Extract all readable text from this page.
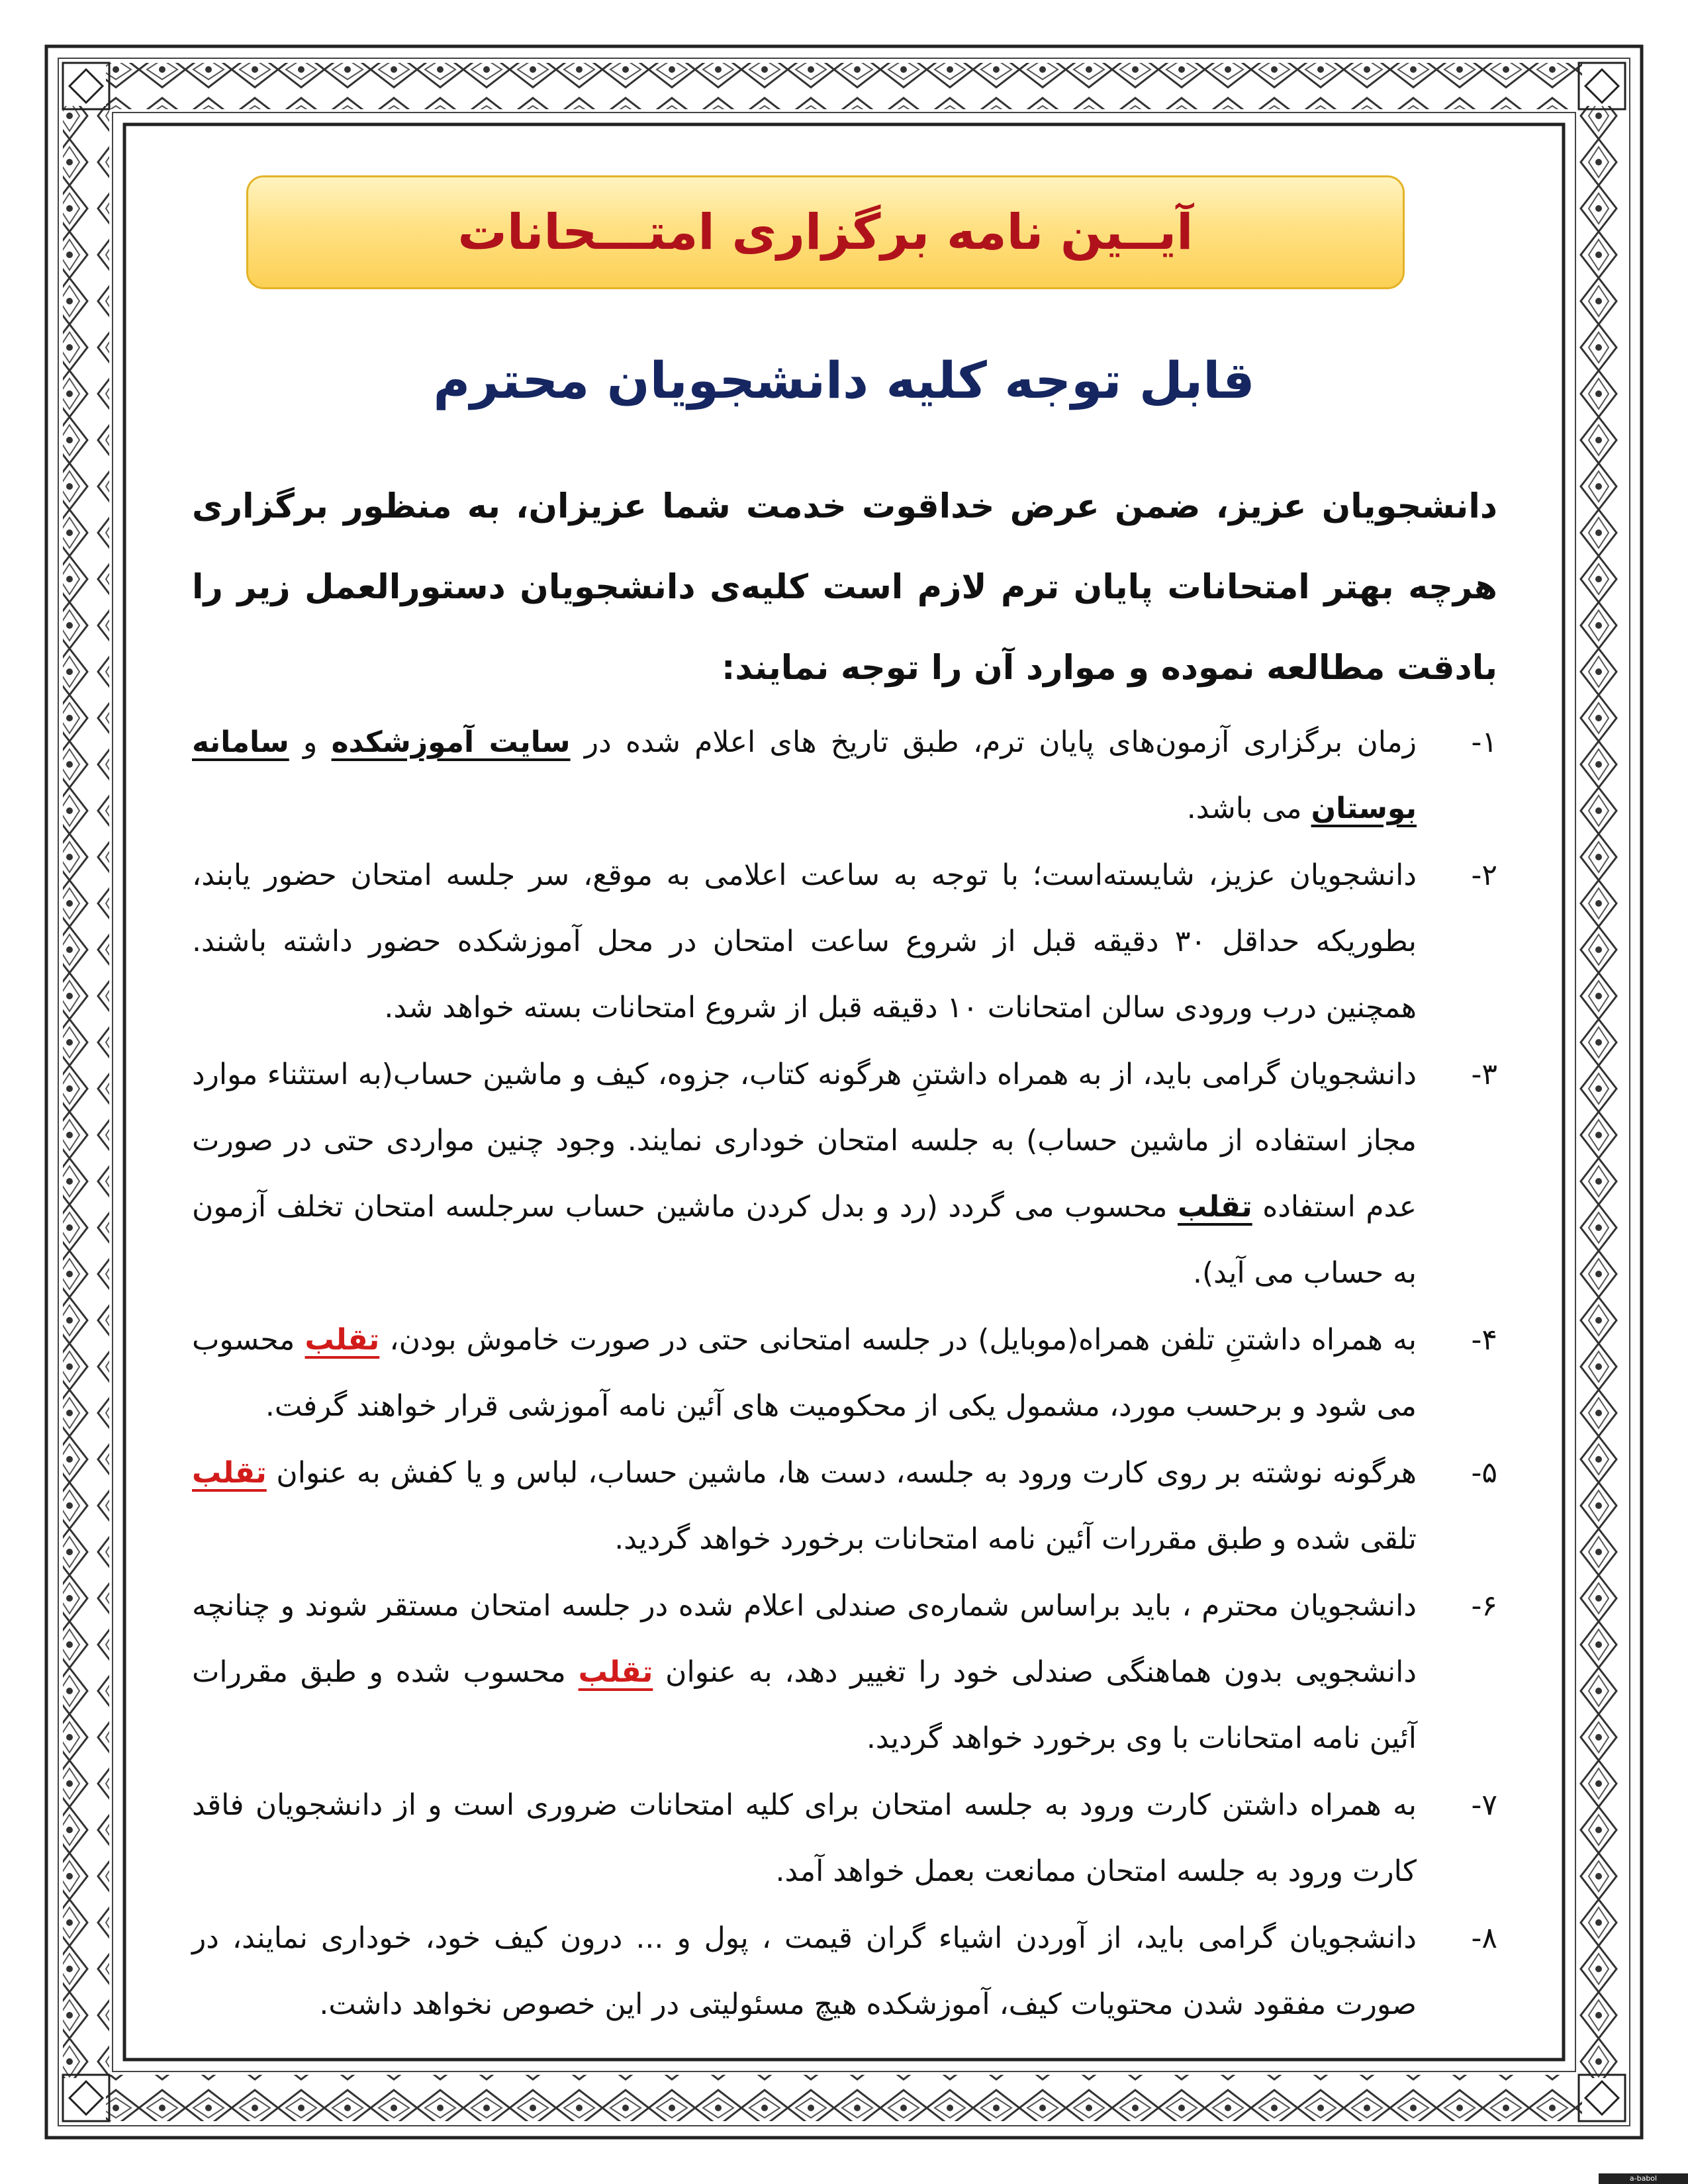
آیــین نامه برگزاری امتـــحانات
قابل توجه کلیه دانشجویان محترم
دانشجویان عزیز، ضمن عرض خداقوت خدمت شما عزیزان، به منظور برگزاری هرچه بهتر امتحانات پایان ترم لازم است کلیه‌ی دانشجویان دستورالعمل زیر را بادقت مطالعه نموده و موارد آن را توجه نمایند:
۱-
زمان برگزاری آزمون‌های پایان ترم، طبق تاریخ های اعلام شده در سایت آموزشکده و سامانه بوستان می باشد.
۲-
دانشجویان عزیز، شایسته‌است؛ با توجه به ساعت اعلامی به موقع، سر جلسه امتحان حضور یابند، بطوریکه حداقل ۳۰ دقیقه قبل از شروع ساعت امتحان در محل آموزشکده حضور داشته باشند. همچنین درب ورودی سالن امتحانات ۱۰ دقیقه قبل از شروع امتحانات بسته خواهد شد.
۳-
دانشجویان گرامی باید، از به همراه داشتنِ هرگونه کتاب، جزوه، کیف و ماشین حساب(به استثناء موارد مجاز استفاده از ماشین حساب) به جلسه امتحان خوداری نمایند. وجود چنین مواردی حتی در صورت عدم استفاده تقلب محسوب می گردد (رد و بدل کردن ماشین حساب سرجلسه امتحان تخلف آزمون به حساب می آید).
۴-
به همراه داشتنِ تلفن همراه(موبایل) در جلسه امتحانی حتی در صورت خاموش بودن، تقلب محسوب می شود و برحسب مورد، مشمول یکی از محکومیت های آئین نامه آموزشی قرار خواهند گرفت.
۵-
هرگونه نوشته بر روی کارت ورود به جلسه، دست ها، ماشین حساب، لباس و یا کفش به عنوان تقلب تلقی شده و طبق مقررات آئین نامه امتحانات برخورد خواهد گردید.
۶-
دانشجویان محترم ، باید براساس شماره‌ی صندلی اعلام شده در جلسه امتحان مستقر شوند و چنانچه دانشجویی بدون هماهنگی صندلی خود را تغییر دهد، به عنوان تقلب محسوب شده و طبق مقررات آئین نامه امتحانات با وی برخورد خواهد گردید.
۷-
به همراه داشتن کارت ورود به جلسه امتحان برای کلیه امتحانات ضروری است و از دانشجویان فاقد کارت ورود به جلسه امتحان ممانعت بعمل خواهد آمد.
۸-
دانشجویان گرامی باید، از آوردن اشیاء گران قیمت ، پول و ... درون کیف خود، خوداری نمایند، در صورت مفقود شدن محتویات کیف، آموزشکده هیچ مسئولیتی در این خصوص نخواهد داشت.
a-babol
